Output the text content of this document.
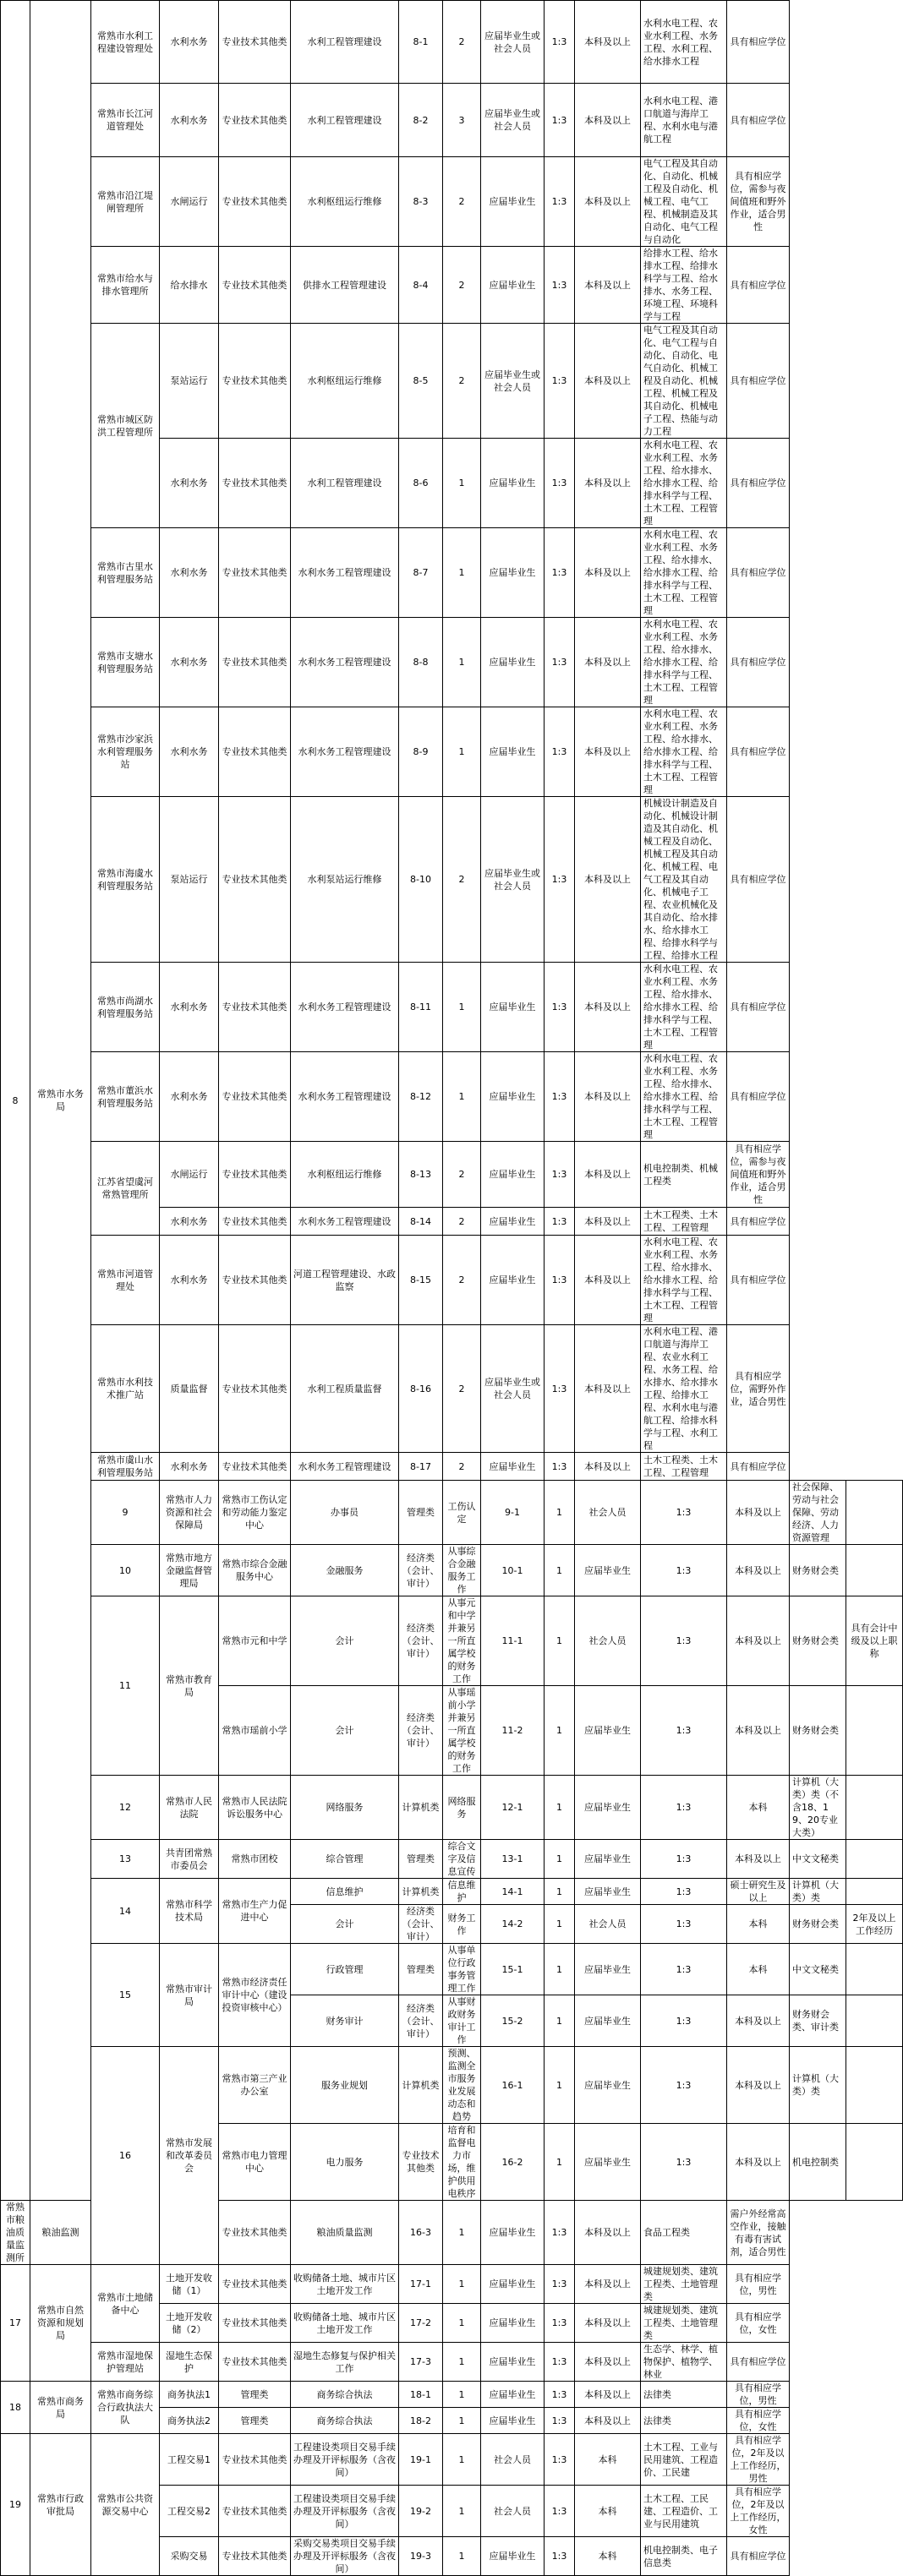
8	常熟市水务局	常熟市水利工程建设管理处	水利水务	专业技术其他类	水利工程管理建设	8-1	2	应届毕业生或社会人员	1:3	本科及以上	水利水电工程、农业水利工程、水务工程、水利工程、给水排水工程	具有相应学位		
		常熟市长江河道管理处	水利水务	专业技术其他类	水利工程管理建设	8-2	3	应届毕业生或社会人员	1:3	本科及以上	水利水电工程、港口航道与海岸工程、水利水电与港航工程	具有相应学位		
		常熟市沿江堤闸管理所	水闸运行	专业技术其他类	水利枢纽运行维修	8-3	2	应届毕业生	1:3	本科及以上	电气工程及其自动化、自动化、机械工程及自动化、机械工程、电气工程、机械制造及其自动化、电气工程与自动化	具有相应学位，需参与夜间值班和野外作业，适合男性		
		常熟市给水与排水管理所	给水排水	专业技术其他类	供排水工程管理建设	8-4	2	应届毕业生	1:3	本科及以上	给排水工程、给水排水工程、给排水科学与工程、给水排水、水务工程、环境工程、环境科学与工程	具有相应学位		
		常熟市城区防洪工程管理所	泵站运行	专业技术其他类	水利枢纽运行维修	8-5	2	应届毕业生或社会人员	1:3	本科及以上	电气工程及其自动化、电气工程与自动化、自动化、电气自动化、机械工程及自动化、机械工程、机械工程及其自动化、机械电子工程、热能与动力工程	具有相应学位		
			水利水务	专业技术其他类	水利工程管理建设	8-6	1	应届毕业生	1:3	本科及以上	水利水电工程、农业水利工程、水务工程、给水排水、给水排水工程、给排水科学与工程、土木工程、工程管理	具有相应学位		
		常熟市古里水利管理服务站	水利水务	专业技术其他类	水利水务工程管理建设	8-7	1	应届毕业生	1:3	本科及以上	水利水电工程、农业水利工程、水务工程、给水排水、给水排水工程、给排水科学与工程、土木工程、工程管理	具有相应学位		
		常熟市支塘水利管理服务站	水利水务	专业技术其他类	水利水务工程管理建设	8-8	1	应届毕业生	1:3	本科及以上	水利水电工程、农业水利工程、水务工程、给水排水、给水排水工程、给排水科学与工程、土木工程、工程管理	具有相应学位		
		常熟市沙家浜水利管理服务站	水利水务	专业技术其他类	水利水务工程管理建设	8-9	1	应届毕业生	1:3	本科及以上	水利水电工程、农业水利工程、水务工程、给水排水、给水排水工程、给排水科学与工程、土木工程、工程管理	具有相应学位		
		常熟市海虞水利管理服务站	泵站运行	专业技术其他类	水利泵站运行维修	8-10	2	应届毕业生或社会人员	1:3	本科及以上	机械设计制造及自动化、机械设计制造及其自动化、机械工程及自动化、机械工程及其自动化、机械工程、电气工程及其自动化、机械电子工程、农业机械化及其自动化、给水排水、给水排水工程、给排水科学与工程、给排水工程	具有相应学位		
		常熟市尚湖水利管理服务站	水利水务	专业技术其他类	水利水务工程管理建设	8-11	1	应届毕业生	1:3	本科及以上	水利水电工程、农业水利工程、水务工程、给水排水、给水排水工程、给排水科学与工程、土木工程、工程管理	具有相应学位		
		常熟市董浜水利管理服务站	水利水务	专业技术其他类	水利水务工程管理建设	8-12	1	应届毕业生	1:3	本科及以上	水利水电工程、农业水利工程、水务工程、给水排水、给水排水工程、给排水科学与工程、土木工程、工程管理	具有相应学位		
		江苏省望虞河常熟管理所	水闸运行	专业技术其他类	水利枢纽运行维修	8-13	2	应届毕业生	1:3	本科及以上	机电控制类、机械工程类	具有相应学位，需参与夜间值班和野外作业，适合男性		
			水利水务	专业技术其他类	水利水务工程管理建设	8-14	2	应届毕业生	1:3	本科及以上	土木工程类、土木工程、工程管理	具有相应学位		
		常熟市河道管理处	水利水务	专业技术其他类	河道工程管理建设、水政监察	8-15	2	应届毕业生	1:3	本科及以上	水利水电工程、农业水利工程、水务工程、给水排水、给水排水工程、给排水科学与工程、土木工程、工程管理	具有相应学位		
		常熟市水利技术推广站	质量监督	专业技术其他类	水利工程质量监督	8-16	2	应届毕业生或社会人员	1:3	本科及以上	水利水电工程、港口航道与海岸工程、农业水利工程、水务工程、给水排水、给水排水工程、给排水工程、水利水电与港航工程、给排水科学与工程、水利工程	具有相应学位，需野外作业，适合男性		
		常熟市虞山水利管理服务站	水利水务	专业技术其他类	水利水务工程管理建设	8-17	2	应届毕业生	1:3	本科及以上	土木工程类、土木工程、工程管理	具有相应学位		
		9	常熟市人力资源和社会保障局	常熟市工伤认定和劳动能力鉴定中心	办事员	管理类	工伤认定	9-1	1	社会人员	1:3	本科及以上	社会保障、劳动与社会保障、劳动经济、人力资源管理	
		10	常熟市地方金融监督管理局	常熟市综合金融服务中心	金融服务	经济类（会计、审计）	从事综合金融服务工作	10-1	1	应届毕业生	1:3	本科及以上	财务财会类	
		11	常熟市教育局	常熟市元和中学	会计	经济类（会计、审计）	从事元和中学并兼另一所直属学校的财务工作	11-1	1	社会人员	1:3	本科及以上	财务财会类	具有会计中级及以上职称
				常熟市瑶前小学	会计	经济类（会计、审计）	从事瑶前小学并兼另一所直属学校的财务工作	11-2	1	应届毕业生	1:3	本科及以上	财务财会类	
		12	常熟市人民法院	常熟市人民法院诉讼服务中心	网络服务	计算机类	网络服务	12-1	1	应届毕业生	1:3	本科	计算机（大类）类（不含18、19、20专业大类）	
		13	共青团常熟市委员会	常熟市团校	综合管理	管理类	综合文字及信息宣传	13-1	1	应届毕业生	1:3	本科及以上	中文文秘类	
		14	常熟市科学技术局	常熟市生产力促进中心	信息维护	计算机类	信息维护	14-1	1	应届毕业生	1:3	硕士研究生及以上	计算机（大类）类	
					会计	经济类（会计、审计）	财务工作	14-2	1	社会人员	1:3	本科	财务财会类	2年及以上工作经历
		15	常熟市审计局	常熟市经济责任审计中心（建设投资审核中心）	行政管理	管理类	从事单位行政事务管理工作	15-1	1	应届毕业生	1:3	本科	中文文秘类	
					财务审计	经济类（会计、审计）	从事财政财务审计工作	15-2	1	应届毕业生	1:3	本科及以上	财务财会类、审计类	
		16	常熟市发展和改革委员会	常熟市第三产业办公室	服务业规划	计算机类	预测、监测全市服务业发展动态和趋势	16-1	1	应届毕业生	1:3	本科及以上	计算机（大类）类	
				常熟市电力管理中心	电力服务	专业技术其他类	培育和监督电力市场，维护供用电秩序	16-2	1	应届毕业生	1:3	本科及以上	机电控制类	
常熟市粮油质量监测所	粮油监测			专业技术其他类	粮油质量监测	16-3	1	应届毕业生	1:3	本科及以上	食品工程类	需户外经常高空作业，接触有毒有害试剂，适合男性		
17	常熟市自然资源和规划局	常熟市土地储备中心	土地开发收储（1）	专业技术其他类	收购储备土地、城市片区土地开发工作	17-1	1	应届毕业生	1:3	本科及以上	城建规划类、建筑工程类、土地管理类	具有相应学位，男性		
			土地开发收储（2）	专业技术其他类	收购储备土地、城市片区土地开发工作	17-2	1	应届毕业生	1:3	本科及以上	城建规划类、建筑工程类、土地管理类	具有相应学位，女性		
		常熟市湿地保护管理站	湿地生态保护	专业技术其他类	湿地生态修复与保护相关工作	17-3	1	应届毕业生	1:3	本科及以上	生态学、林学、植物保护、植物学、林业	具有相应学位		
18	常熟市商务局	常熟市商务综合行政执法大队	商务执法1	管理类	商务综合执法	18-1	1	应届毕业生	1:3	本科及以上	法律类	具有相应学位，男性		
			商务执法2	管理类	商务综合执法	18-2	1	应届毕业生	1:3	本科及以上	法律类	具有相应学位，女性		
19	常熟市行政审批局	常熟市公共资源交易中心	工程交易1	专业技术其他类	工程建设类项目交易手续办理及开评标服务（含夜间）	19-1	1	社会人员	1:3	本科	土木工程、工业与民用建筑、工程造价、工民建	具有相应学位，2年及以上工作经历，男性		
			工程交易2	专业技术其他类	工程建设类项目交易手续办理及开评标服务（含夜间）	19-2	1	社会人员	1:3	本科	土木工程、工民建、工程造价、工业与民用建筑	具有相应学位，2年及以上工作经历，女性		
			采购交易	专业技术其他类	采购交易类项目交易手续办理及开评标服务（含夜间）	19-3	1	应届毕业生	1:3	本科	机电控制类、电子信息类	具有相应学位		
